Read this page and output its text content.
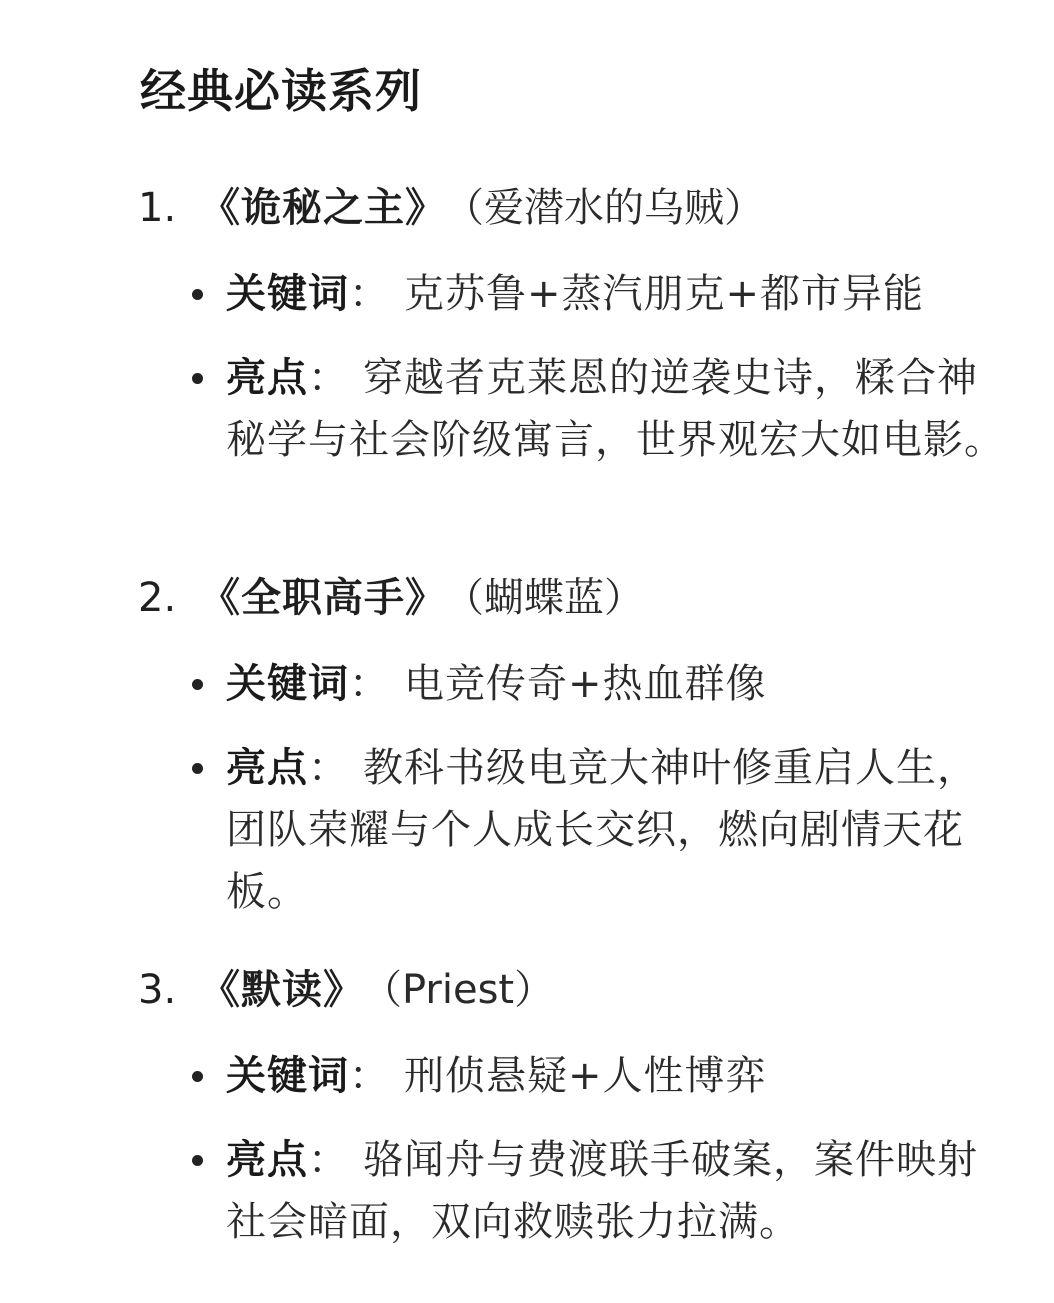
经典必读系列
1. 《诡秘之主》 （爱潜水的乌贼）
关键词： 克苏鲁+蒸汽朋克+都市异能
亮点： 穿越者克莱恩的逆袭史诗，糅合神秘学与社会阶级寓言，世界观宏大如电影。
2. 《全职高手》 （蝴蝶蓝）
关键词： 电竞传奇+热血群像
亮点： 教科书级电竞大神叶修重启人生，团队荣耀与个人成长交织，燃向剧情天花板。
3. 《默读》 （Priest）
关键词： 刑侦悬疑+人性博弈
亮点： 骆闻舟与费渡联手破案，案件映射社会暗面，双向救赎张力拉满。
